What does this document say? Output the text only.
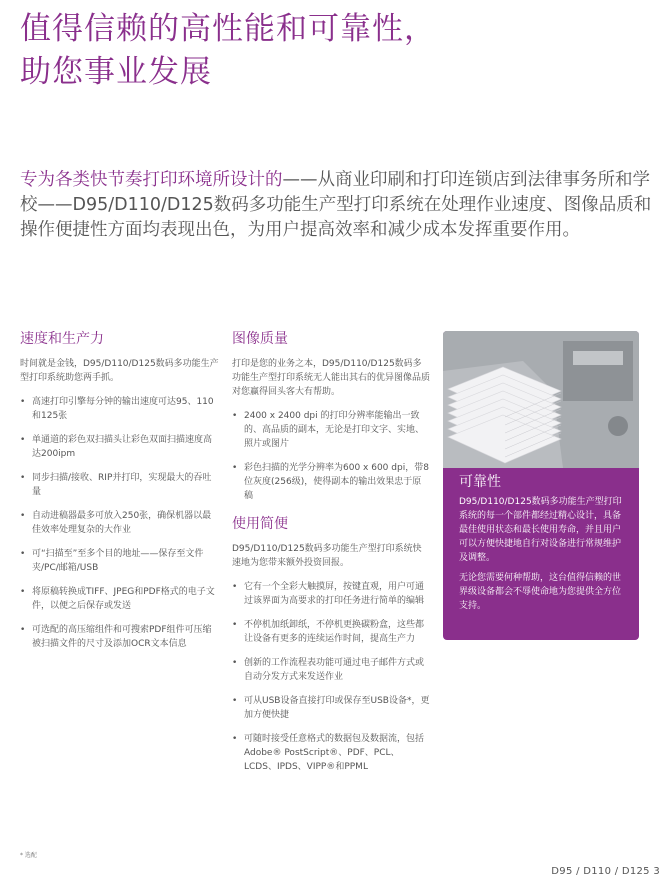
值得信赖的高性能和可靠性，
助您事业发展

专为各类快节奏打印环境所设计的——从商业印刷和打印连锁店到法律事务所和学校——D95/D110/D125数码多功能生产型打印系统在处理作业速度、图像品质和操作便捷性方面均表现出色，为用户提高效率和减少成本发挥重要作用。

速度和生产力

时间就是金钱，D95/D110/D125数码多功能生产型打印系统助您两手抓。

• 高速打印引擎每分钟的输出速度可达95、110和125张
• 单通道的彩色双扫描头让彩色双面扫描速度高达200ipm
• 同步扫描/接收、RIP并打印，实现最大的吞吐量
• 自动进稿器最多可放入250张，确保机器以最佳效率处理复杂的大作业
• 可“扫描至”至多个目的地址——保存至文件夹/PC/邮箱/USB
• 将原稿转换成TIFF、JPEG和PDF格式的电子文件，以便之后保存或发送
• 可选配的高压缩组件和可搜索PDF组件可压缩被扫描文件的尺寸及添加OCR文本信息
图像质量

打印是您的业务之本，D95/D110/D125数码多功能生产型打印系统无人能出其右的优异图像品质对您赢得回头客大有帮助。

• 2400 x 2400 dpi 的打印分辨率能输出一致的、高品质的副本，无论是打印文字、实地、照片或图片
• 彩色扫描的光学分辨率为600 x 600 dpi，带8位灰度(256级)，使得副本的输出效果忠于原稿
使用简便

D95/D110/D125数码多功能生产型打印系统快速地为您带来额外投资回报。

• 它有一个全彩大触摸屏，按键直观，用户可通过该界面为高要求的打印任务进行简单的编辑
• 不停机加纸卸纸，不停机更换碳粉盒，这些都让设备有更多的连续运作时间，提高生产力
• 创新的工作流程表功能可通过电子邮件方式或自动分发方式来发送作业
• 可从USB设备直接打印或保存至USB设备*，更加方便快捷
• 可随时接受任意格式的数据包及数据流，包括Adobe® PostScript®、PDF、PCL、LCDS、IPDS、VIPP®和PPML
可靠性

D95/D110/D125数码多功能生产型打印系统的每一个部件都经过精心设计，具备最佳使用状态和最长使用寿命，并且用户可以方便快捷地自行对设备进行常规维护及调整。

无论您需要何种帮助，这台值得信赖的世界级设备都会不辱使命地为您提供全方位支持。

* 选配
D95 / D110 / D125 3
